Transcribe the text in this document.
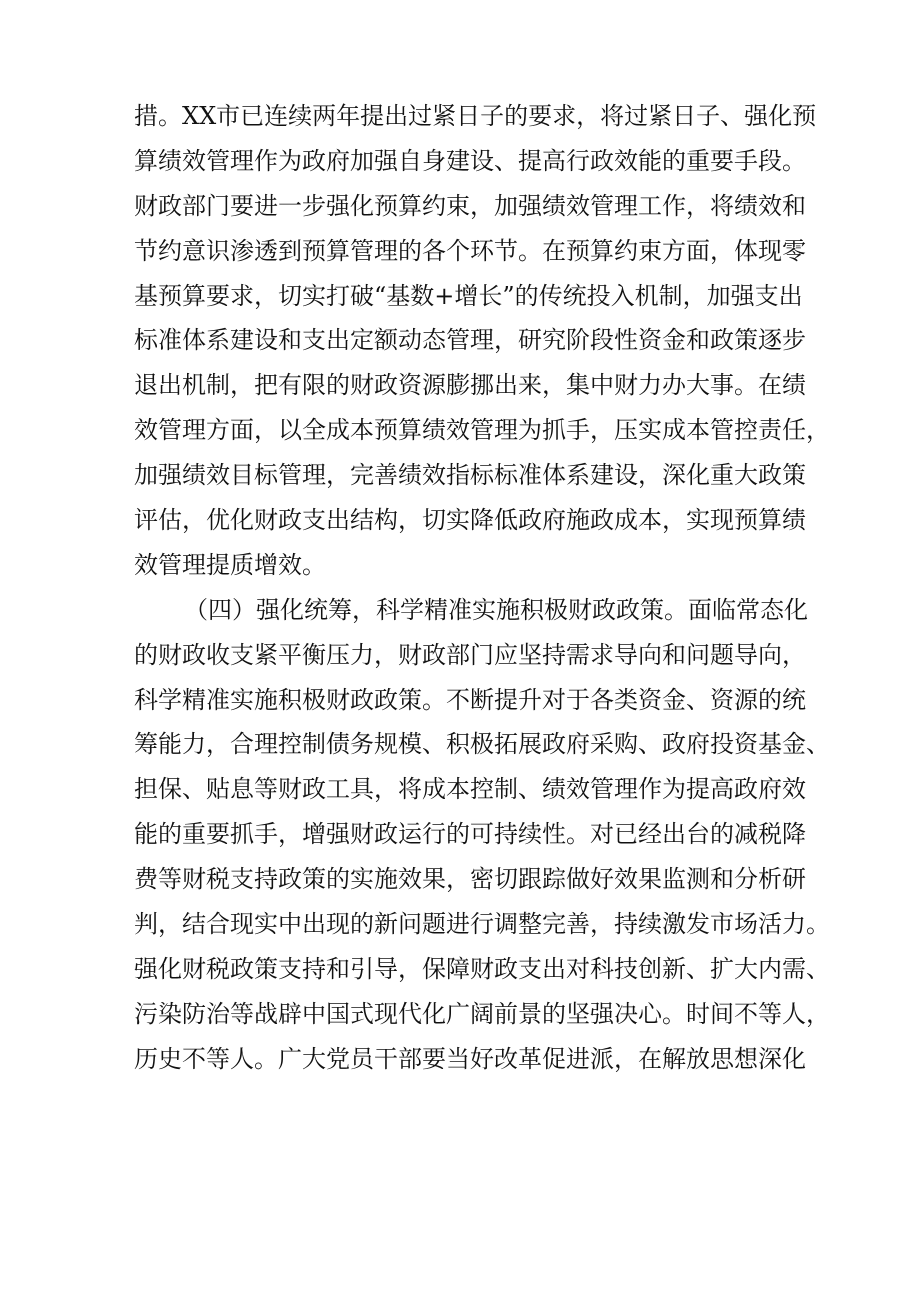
措。XX市已连续两年提出过紧日子的要求，将过紧日子、强化预
算绩效管理作为政府加强自身建设、提高行政效能的重要手段。
财政部门要进一步强化预算约束，加强绩效管理工作，将绩效和
节约意识渗透到预算管理的各个环节。在预算约束方面，体现零
基预算要求，切实打破“基数+增长”的传统投入机制，加强支出
标准体系建设和支出定额动态管理，研究阶段性资金和政策逐步
退出机制，把有限的财政资源膨挪出来，集中财力办大事。在绩
效管理方面，以全成本预算绩效管理为抓手，压实成本管控责任，
加强绩效目标管理，完善绩效指标标准体系建设，深化重大政策
评估，优化财政支出结构，切实降低政府施政成本，实现预算绩
效管理提质增效。
（四）强化统筹，科学精准实施积极财政政策。面临常态化
的财政收支紧平衡压力，财政部门应坚持需求导向和问题导向，
科学精准实施积极财政政策。不断提升对于各类资金、资源的统
筹能力，合理控制债务规模、积极拓展政府采购、政府投资基金、
担保、贴息等财政工具，将成本控制、绩效管理作为提高政府效
能的重要抓手，增强财政运行的可持续性。对已经出台的减税降
费等财税支持政策的实施效果，密切跟踪做好效果监测和分析研
判，结合现实中出现的新问题进行调整完善，持续激发市场活力。
强化财税政策支持和引导，保障财政支出对科技创新、扩大内需、
污染防治等战辟中国式现代化广阔前景的坚强决心。时间不等人，
历史不等人。广大党员干部要当好改革促进派，在解放思想深化
